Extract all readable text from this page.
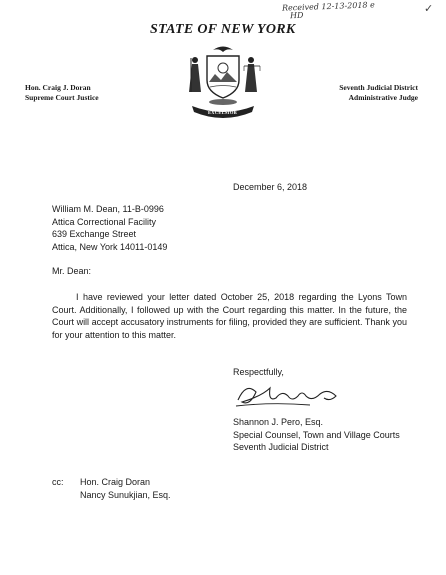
Received 12-13-2018 e
HD
✓
STATE OF NEW YORK
Hon. Craig J. Doran
Supreme Court Justice
Seventh Judicial District
Administrative Judge
EXCELSIOR
December 6, 2018
William M. Dean, 11-B-0996
Attica Correctional Facility
639 Exchange Street
Attica, New York 14011-0149
Mr. Dean:
I have reviewed your letter dated October 25, 2018 regarding the Lyons Town Court. Additionally, I followed up with the Court regarding this matter. In the future, the Court will accept accusatory instruments for filing, provided they are sufficient. Thank you for your attention to this matter.
Respectfully,
Shannon J. Pero, Esq.
Special Counsel, Town and Village Courts
Seventh Judicial District
cc: Hon. Craig Doran
Nancy Sunukjian, Esq.
